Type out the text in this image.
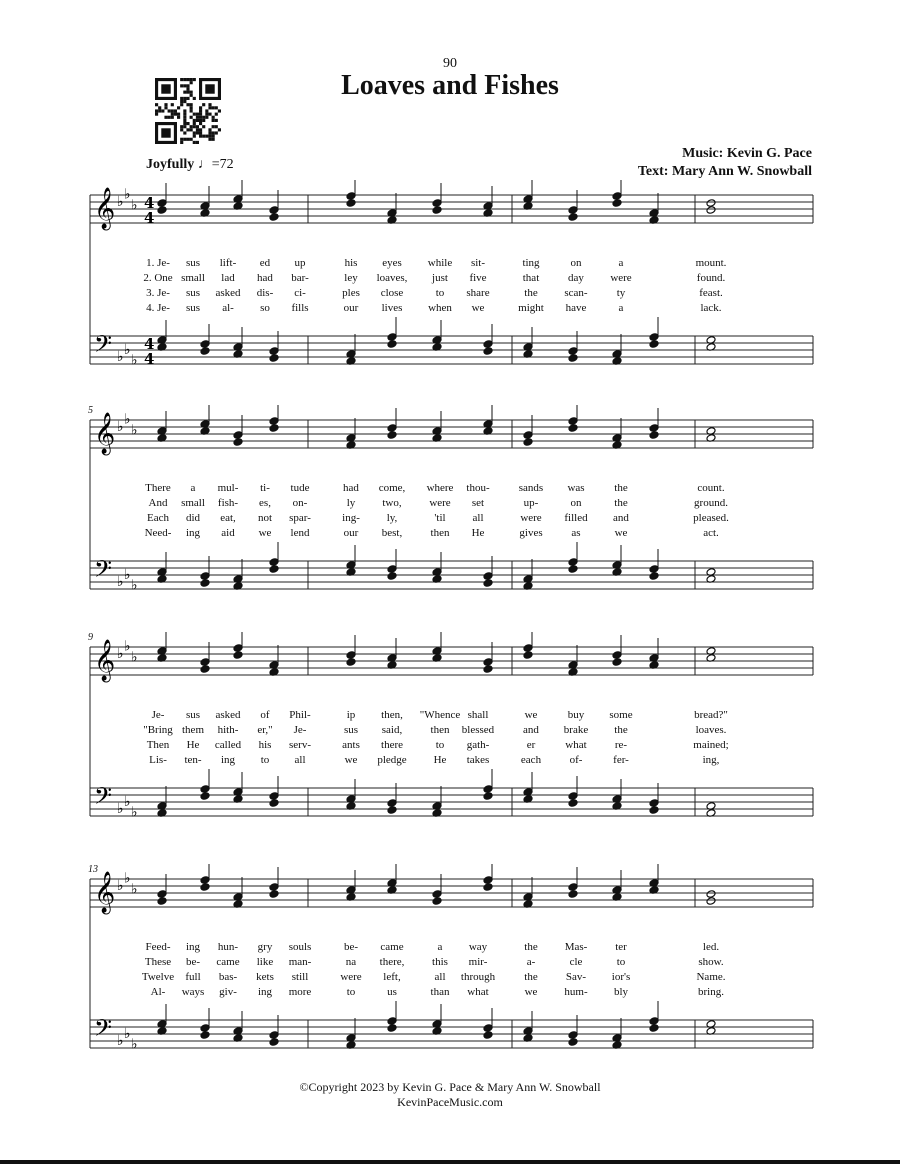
90
Loaves and Fishes
Joyfully ♩=72
Music: Kevin G. Pace
Text: Mary Ann W. Snowball
𝄞 ♭ ♭
♭ 4
4
𝄢 ♭ ♭
♭
4
4
1. Je- sus lift- ed up	his eyes while sit-	ting	on	a	mount.
2. One small lad had bar-	ley loaves, just five	that	day were	found.
3. Je- sus asked dis- ci-	ples close	to share	the scan-	ty	feast.
4. Je- sus al- so fills	our lives when we	might have	a	lack.
𝄞 ♭ ♭
♭
𝄢 ♭ ♭
♭
5
There a mul- ti- tude	had come, where thou-	sands was	the	count.
And small fish- es, on-	ly two,	were set	up-	on	the	ground.
Each did eat, not spar-	ing- ly,	'til all	were filled and	pleased.
Need- ing aid we lend	our best,	then He	gives	as	we	act.
𝄞 ♭ ♭
♭
𝄢 ♭ ♭
♭
9
Je- sus asked of Phil-	ip then, "Whence shall	we	buy some	bread?"
"Bring them hith- er," Je-	sus said,	then blessed	and brake the	loaves.
Then He called his serv-	ants there	to gath-	er	what	re-	mained;
Lis- ten- ing to all	we pledge He takes	each	of-	fer-	ing,
𝄞 ♭ ♭
♭
𝄢 ♭ ♭
♭
13
Feed- ing hun- gry souls	be- came	a way	the Mas-	ter	led.
These be- came like man-	na there,	this mir-	a-	cle	to	show.
Twelve full bas- kets still	were left,	all through	the	Sav- ior's	Name.
Al- ways giv- ing more	to	us	than what	we hum- bly	bring.
©Copyright 2023 by Kevin G. Pace & Mary Ann W. Snowball
KevinPaceMusic.com
